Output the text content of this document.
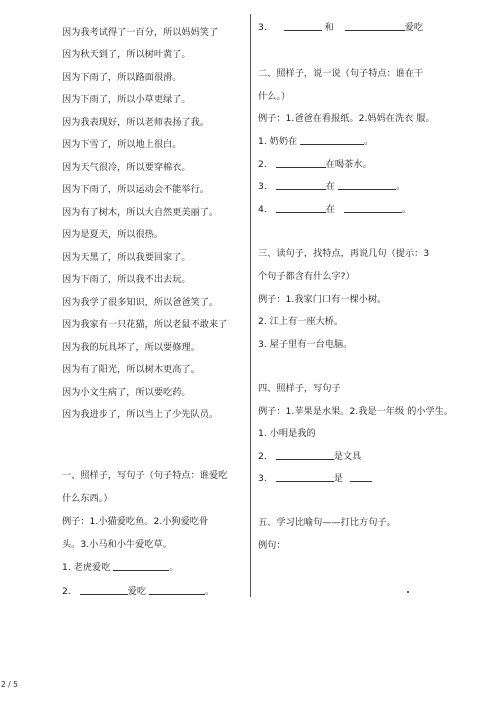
因为我考试得了一百分，所以妈妈笑了
因为秋天到了，所以树叶黄了。
因为下雨了，所以路面很滑。
因为下雨了，所以小草更绿了。
因为我表现好，所以老师表扬了我。
因为下雪了，所以地上很白。
因为天气很冷，所以要穿棉衣。
因为下雨了，所以运动会不能举行。
因为有了树木，所以大自然更美丽了。
因为是夏天，所以很热。
因为天黑了，所以我要回家了。
因为下雨了，所以我不出去玩。
因为我学了很多知识，所以爸爸笑了。
因为我家有一只花猫，所以老鼠不敢来了
因为我的玩具坏了，所以要修理。
因为有了阳光，所以树木更高了。
因为小文生病了，所以要吃药。
因为我进步了，所以当上了少先队员。
一、照样子，写句子（句子特点：谁爱吃
什么东西。）
例子：1.小猫爱吃鱼。2.小狗爱吃骨
头。3.小马和小牛爱吃草。
1. 老虎爱吃	。
2.	爱吃	。
3.	和	爱吃
二、照样子，说一说（句子特点：谁在干
什么。）
例子：1.爸爸在看报纸。2.妈妈在洗衣 服。
1. 奶奶在	。
2.	在喝茶水。
3.	在	。
4.	在	。
三、读句子，找特点，再说几句（提示：3
个句子都含有什么字?）
例子：1.我家门口有一棵小树。
2. 江上有一座大桥。
3. 屋子里有一台电脑。
四、照样子，写句子
例子：1.苹果是水果。2.我是一年级 的小学生。
1. 小明是我的
2.	是文具
3.	是
五、学习比喻句——打比方句子。
例句：
2 / 5
